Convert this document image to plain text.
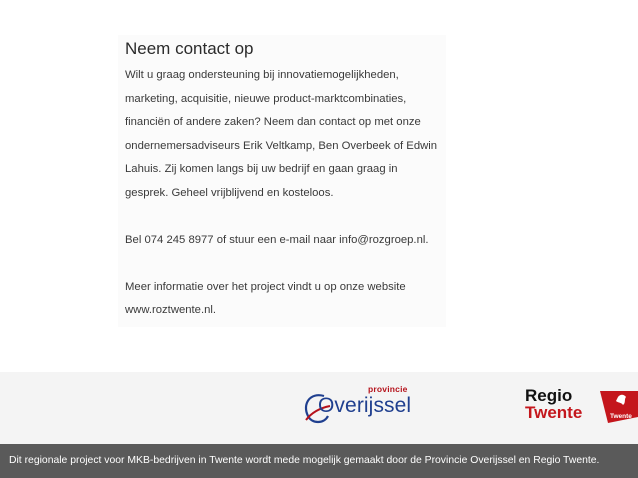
Neem contact op
Wilt u graag ondersteuning bij innovatiemogelijkheden,
marketing, acquisitie, nieuwe product-marktcombinaties,
financiën of andere zaken? Neem dan contact op met onze
ondernemersadviseurs Erik Veltkamp, Ben Overbeek of Edwin
Lahuis. Zij komen langs bij uw bedrijf en gaan graag in
gesprek. Geheel vrijblijvend en kosteloos.
Bel 074 245 8977 of stuur een e-mail naar info@rozgroep.nl.
Meer informatie over het project vindt u op onze website
www.roztwente.nl.
provincie
Overijssel	Regio
Twente	Twente
Dit regionale project voor MKB-bedrijven in Twente wordt mede mogelijk gemaakt door de Provincie Overijssel en Regio Twente.
